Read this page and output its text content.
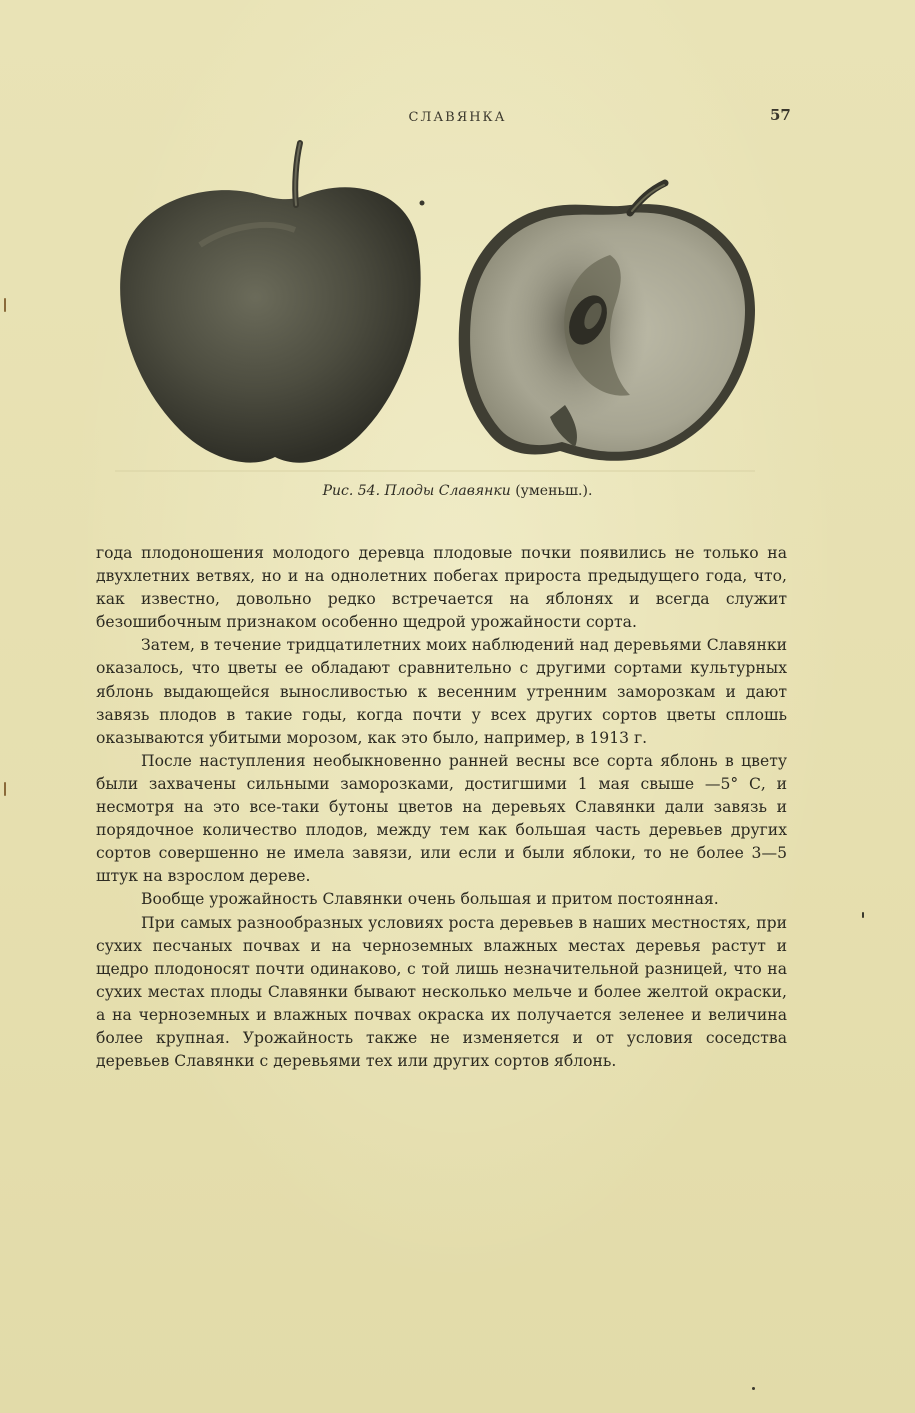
СЛАВЯНКА	57
Рис. 54. Плоды Славянки (уменьш.).

года плодоношения молодого деревца плодовые почки появились не только на двухлетних ветвях, но и на однолетних побегах прироста предыдущего года, что, как известно, довольно редко встречается на яблонях и всегда служит безошибочным признаком особенно щедрой урожайности сорта.

Затем, в течение тридцатилетних моих наблюдений над деревьями Славянки оказалось, что цветы ее обладают сравнительно с другими сортами культурных яблонь выдающейся выносливостью к весенним утренним заморозкам и дают завязь плодов в такие годы, когда почти у всех других сортов цветы сплошь оказываются убитыми морозом, как это было, например, в 1913 г.

После наступления необыкновенно ранней весны все сорта яблонь в цвету были захвачены сильными заморозками, достигшими 1 мая свыше —5° С, и несмотря на это все-таки бутоны цветов на деревьях Славянки дали завязь и порядочное количество плодов, между тем как большая часть деревьев других сортов совершенно не имела завязи, или если и были яблоки, то не более 3—5 штук на взрослом дереве.

Вообще урожайность Славянки очень большая и притом постоянная.

При самых разнообразных условиях роста деревьев в наших местностях, при сухих песчаных почвах и на черноземных влажных местах деревья растут и щедро плодоносят почти одинаково, с той лишь незначительной разницей, что на сухих местах плоды Славянки бывают несколько мельче и более желтой окраски, а на черноземных и влажных почвах окраска их получается зеленее и величина более крупная. Урожайность также не изменяется и от условия соседства деревьев Славянки с деревьями тех или других сортов яблонь.
